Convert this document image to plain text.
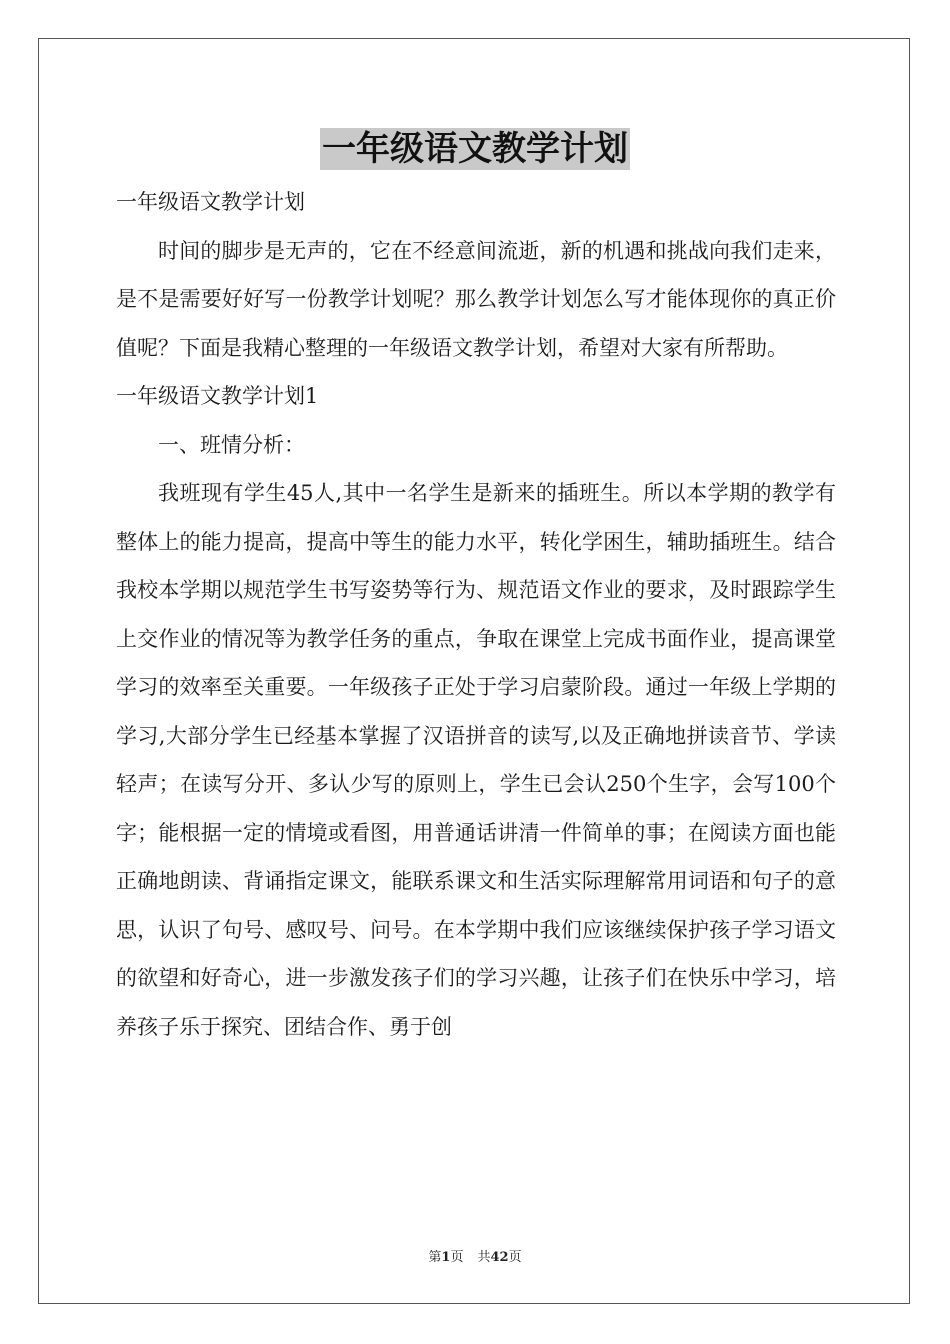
一年级语文教学计划

一年级语文教学计划

时间的脚步是无声的，它在不经意间流逝，新的机遇和挑战向我们走来，是不是需要好好写一份教学计划呢？那么教学计划怎么写才能体现你的真正价值呢？下面是我精心整理的一年级语文教学计划，希望对大家有所帮助。

一年级语文教学计划1

一、班情分析：

我班现有学生45人,其中一名学生是新来的插班生。所以本学期的教学有整体上的能力提高，提高中等生的能力水平，转化学困生，辅助插班生。结合我校本学期以规范学生书写姿势等行为、规范语文作业的要求，及时跟踪学生上交作业的情况等为教学任务的重点，争取在课堂上完成书面作业，提高课堂学习的效率至关重要。一年级孩子正处于学习启蒙阶段。通过一年级上学期的学习,大部分学生已经基本掌握了汉语拼音的读写,以及正确地拼读音节、学读轻声；在读写分开、多认少写的原则上，学生已会认250个生字，会写100个字；能根据一定的情境或看图，用普通话讲清一件简单的事；在阅读方面也能正确地朗读、背诵指定课文，能联系课文和生活实际理解常用词语和句子的意思，认识了句号、感叹号、问号。在本学期中我们应该继续保护孩子学习语文的欲望和好奇心，进一步激发孩子们的学习兴趣，让孩子们在快乐中学习，培养孩子乐于探究、团结合作、勇于创

第1页 共42页
